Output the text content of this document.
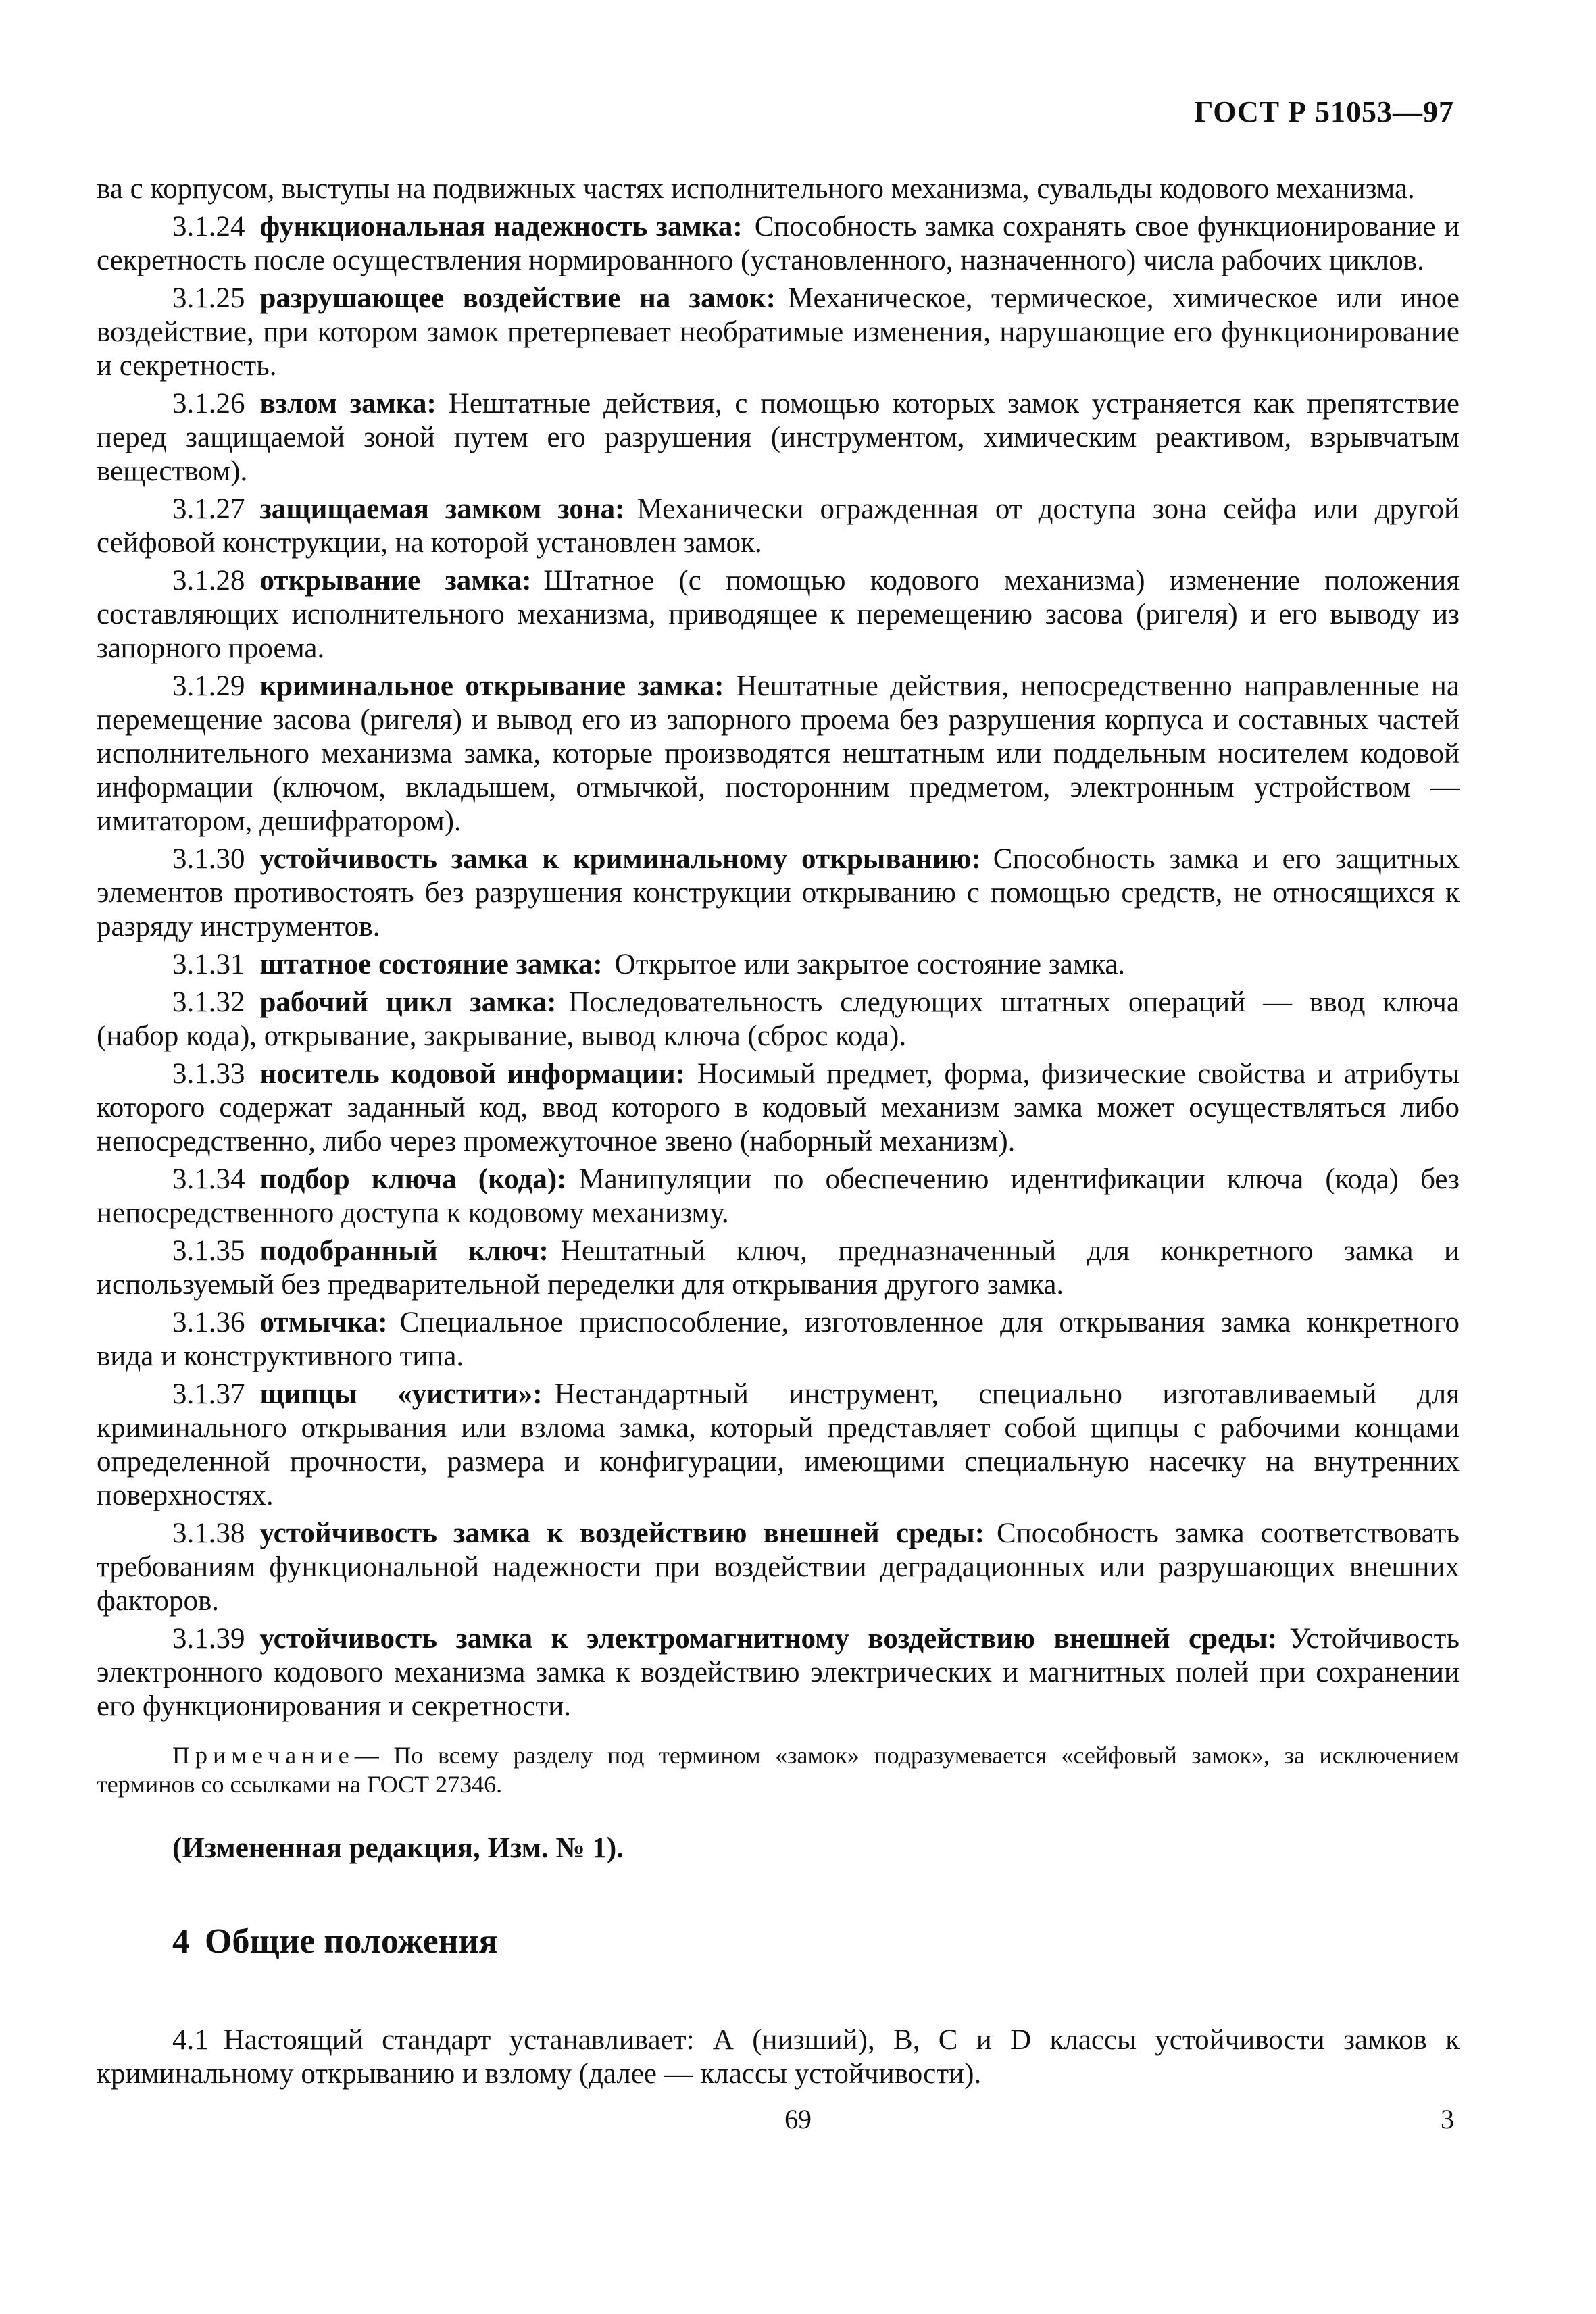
ГОСТ Р 51053—97

ва с корпусом, выступы на подвижных частях исполнительного механизма, сувальды кодового механизма.

3.1.24 функциональная надежность замка: Способность замка сохранять свое функционирование и секретность после осуществления нормированного (установленного, назначенного) числа рабочих циклов.

3.1.25 разрушающее воздействие на замок: Механическое, термическое, химическое или иное воздействие, при котором замок претерпевает необратимые изменения, нарушающие его функционирование и секретность.

3.1.26 взлом замка: Нештатные действия, с помощью которых замок устраняется как препятствие перед защищаемой зоной путем его разрушения (инструментом, химическим реактивом, взрывчатым веществом).

3.1.27 защищаемая замком зона: Механически огражденная от доступа зона сейфа или другой сейфовой конструкции, на которой установлен замок.

3.1.28 открывание замка: Штатное (с помощью кодового механизма) изменение положения составляющих исполнительного механизма, приводящее к перемещению засова (ригеля) и его выводу из запорного проема.

3.1.29 криминальное открывание замка: Нештатные действия, непосредственно направленные на перемещение засова (ригеля) и вывод его из запорного проема без разрушения корпуса и составных частей исполнительного механизма замка, которые производятся нештатным или поддельным носителем кодовой информации (ключом, вкладышем, отмычкой, посторонним предметом, электронным устройством — имитатором, дешифратором).

3.1.30 устойчивость замка к криминальному открыванию: Способность замка и его защитных элементов противостоять без разрушения конструкции открыванию с помощью средств, не относящихся к разряду инструментов.

3.1.31 штатное состояние замка: Открытое или закрытое состояние замка.

3.1.32 рабочий цикл замка: Последовательность следующих штатных операций — ввод ключа (набор кода), открывание, закрывание, вывод ключа (сброс кода).

3.1.33 носитель кодовой информации: Носимый предмет, форма, физические свойства и атрибуты которого содержат заданный код, ввод которого в кодовый механизм замка может осуществляться либо непосредственно, либо через промежуточное звено (наборный механизм).

3.1.34 подбор ключа (кода): Манипуляции по обеспечению идентификации ключа (кода) без непосредственного доступа к кодовому механизму.

3.1.35 подобранный ключ: Нештатный ключ, предназначенный для конкретного замка и используемый без предварительной переделки для открывания другого замка.

3.1.36 отмычка: Специальное приспособление, изготовленное для открывания замка конкретного вида и конструктивного типа.

3.1.37 щипцы «уистити»: Нестандартный инструмент, специально изготавливаемый для криминального открывания или взлома замка, который представляет собой щипцы с рабочими концами определенной прочности, размера и конфигурации, имеющими специальную насечку на внутренних поверхностях.

3.1.38 устойчивость замка к воздействию внешней среды: Способность замка соответствовать требованиям функциональной надежности при воздействии деградационных или разрушающих внешних факторов.

3.1.39 устойчивость замка к электромагнитному воздействию внешней среды: Устойчивость электронного кодового механизма замка к воздействию электрических и магнитных полей при сохранении его функционирования и секретности.

Примечание— По всему разделу под термином «замок» подразумевается «сейфовый замок», за исключением терминов со ссылками на ГОСТ 27346.

(Измененная редакция, Изм. № 1).

4 Общие положения

4.1 Настоящий стандарт устанавливает: А (низший), В, С и D классы устойчивости замков к криминальному открыванию и взлому (далее — классы устойчивости).

69	3
